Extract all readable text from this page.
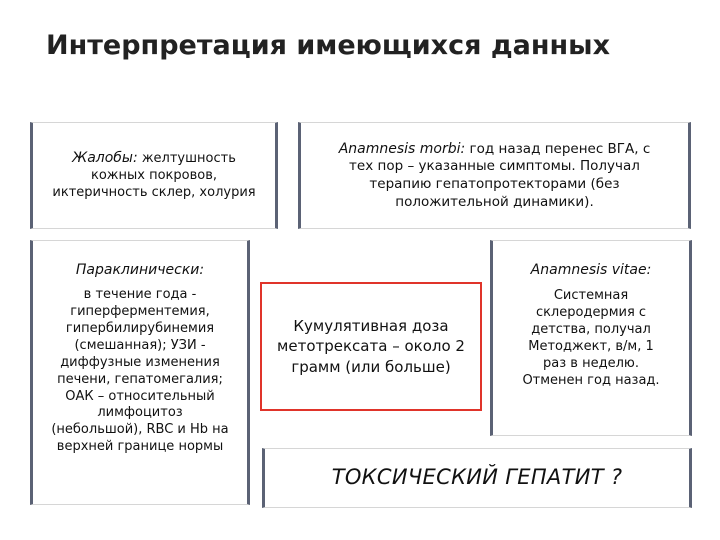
Интерпретация имеющихся данных
Жалобы: желтушность
кожных покровов,
иктеричность склер, холурия
Anamnesis morbi: год назад перенес ВГА, с
тех пор – указанные симптомы. Получал
терапию гепатопротекторами (без
положительной динамики).
Параклинически:
в течение года -
гиперферментемия,
гипербилирубинемия
(смешанная); УЗИ -
диффузные изменения
печени, гепатомегалия;
ОАК – относительный
лимфоцитоз
(небольшой), RBC и Hb на
верхней границе нормы
Кумулятивная доза
метотрексата – около 2
грамм (или больше)
Anamnesis vitae:
Системная
склеродермия с
детства, получал
Методжект, в/м, 1
раз в неделю.
Отменен год назад.
ТОКСИЧЕСКИЙ ГЕПАТИТ ?
